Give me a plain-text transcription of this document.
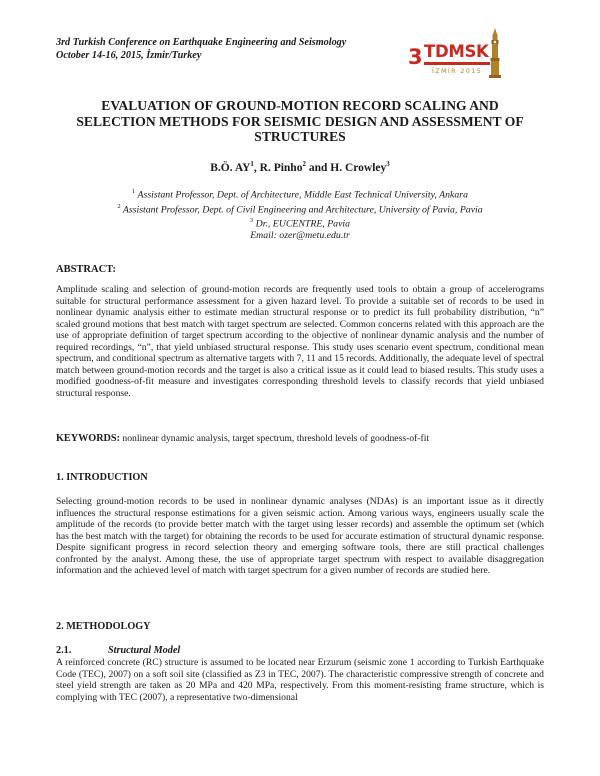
3rd Turkish Conference on Earthquake Engineering and Seismology
October 14-16, 2015, İzmir/Turkey	3 TDMSK
İZMİR 2015
EVALUATION OF GROUND-MOTION RECORD SCALING AND SELECTION METHODS FOR SEISMIC DESIGN AND ASSESSMENT OF STRUCTURES
B.Ö. $AY^1$, R. Pinho$^2$ and H. Crowley$^3$
$^1$ Assistant Professor, Dept. of Architecture, Middle East Technical University, Ankara
$^2$ Assistant Professor, Dept. of Civil Engineering and Architecture, University of Pavia, Pavia
$^3$ Dr., EUCENTRE, Pavia
Email: ozer@metu.edu.tr
ABSTRACT:
Amplitude scaling and selection of ground-motion records are frequently used tools to obtain a group of accelerograms suitable for structural performance assessment for a given hazard level. To provide a suitable set of records to be used in nonlinear dynamic analysis either to estimate median structural response or to predict its full probability distribution, “n” scaled ground motions that best match with target spectrum are selected. Common concerns related with this approach are the use of appropriate definition of target spectrum according to the objective of nonlinear dynamic analysis and the number of required recordings, “n”, that yield unbiased structural response. This study uses scenario event spectrum, conditional mean spectrum, and conditional spectrum as alternative targets with 7, 11 and 15 records. Additionally, the adequate level of spectral match between ground-motion records and the target is also a critical issue as it could lead to biased results. This study uses a modified goodness-of-fit measure and investigates corresponding threshold levels to classify records that yield unbiased structural response.
KEYWORDS: nonlinear dynamic analysis, target spectrum, threshold levels of goodness-of-fit
1. INTRODUCTION
Selecting ground-motion records to be used in nonlinear dynamic analyses (NDAs) is an important issue as it directly influences the structural response estimations for a given seismic action. Among various ways, engineers usually scale the amplitude of the records (to provide better match with the target using lesser records) and assemble the optimum set (which has the best match with the target) for obtaining the records to be used for accurate estimation of structural dynamic response. Despite significant progress in record selection theory and emerging software tools, there are still practical challenges confronted by the analyst. Among these, the use of appropriate target spectrum with respect to available disaggregation information and the achieved level of match with target spectrum for a given number of records are studied here.
2. METHODOLOGY
2.1.	Structural Model
A reinforced concrete (RC) structure is assumed to be located near Erzurum (seismic zone 1 according to Turkish Earthquake Code (TEC), 2007) on a soft soil site (classified as Z3 in TEC, 2007). The characteristic compressive strength of concrete and steel yield strength are taken as 20 MPa and 420 MPa, respectively. From this moment-resisting frame structure, which is complying with TEC (2007), a representative two-dimensional
